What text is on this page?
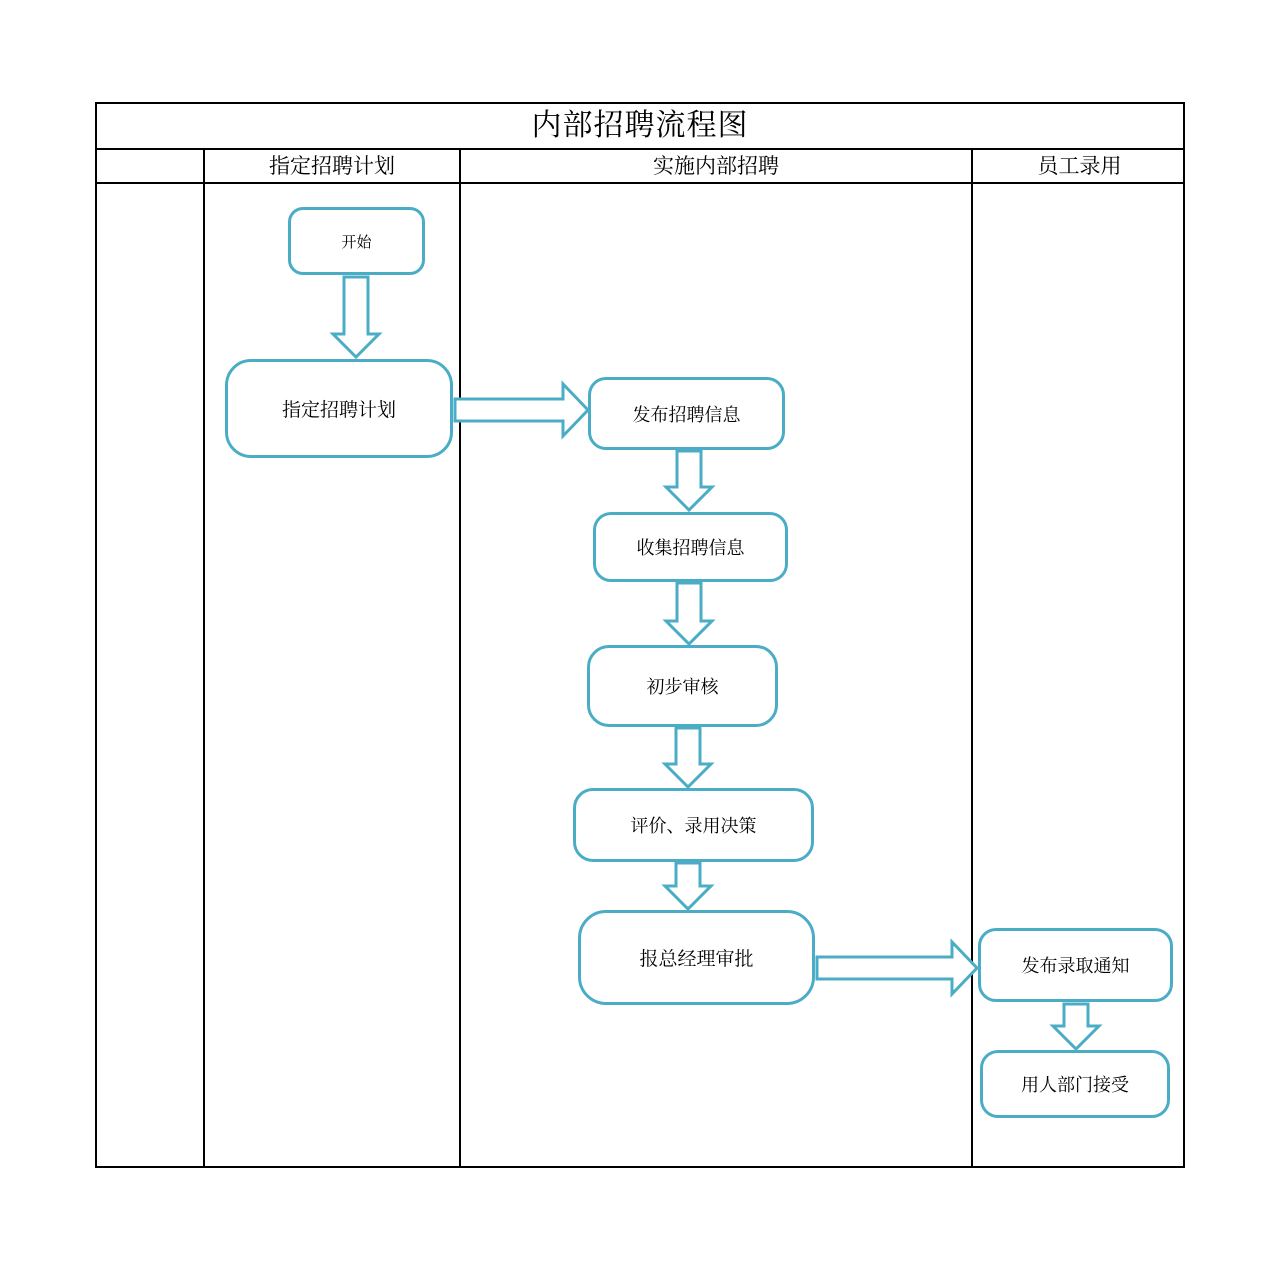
内部招聘流程图
指定招聘计划	实施内部招聘	员工录用
开始
指定招聘计划	发布招聘信息
收集招聘信息
初步审核
评价、录用决策
报总经理审批	发布录取通知
用人部门接受
